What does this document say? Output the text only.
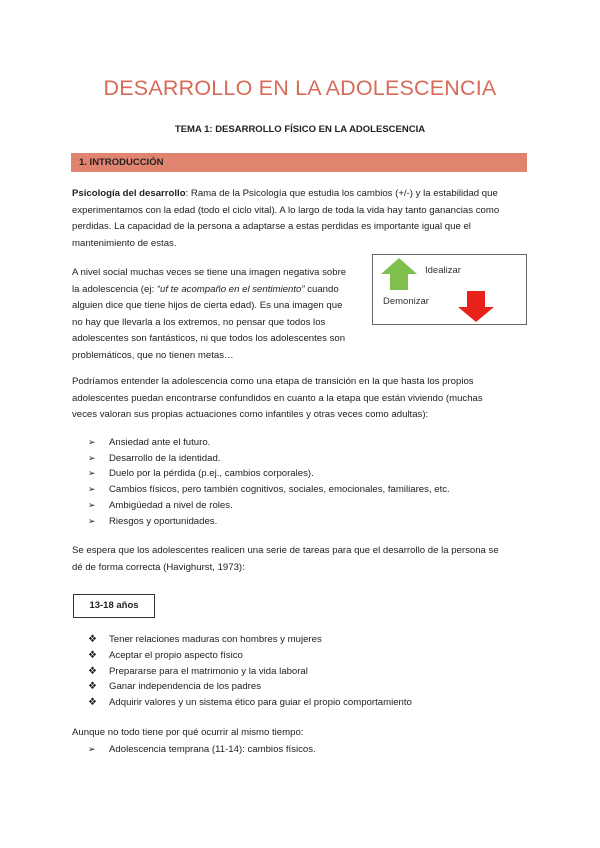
DESARROLLO EN LA ADOLESCENCIA
TEMA 1: DESARROLLO FÍSICO EN LA ADOLESCENCIA
1. INTRODUCCIÓN
Psicología del desarrollo: Rama de la Psicología que estudia los cambios (+/-) y la estabilidad que
experimentamos con la edad (todo el ciclo vital). A lo largo de toda la vida hay tanto ganancias como
perdidas. La capacidad de la persona a adaptarse a estas perdidas es importante igual que el
mantenimiento de estas.
A nivel social muchas veces se tiene una imagen negativa sobre
la adolescencia (ej: “uf te acompaño en el sentimiento” cuando
alguien dice que tiene hijos de cierta edad). Es una imagen que
no hay que llevarla a los extremos, no pensar que todos los
adolescentes son fantásticos, ni que todos los adolescentes son
problemáticos, que no tienen metas…
Idealizar
Demonizar
Podríamos entender la adolescencia como una etapa de transición en la que hasta los propios
adolescentes puedan encontrarse confundidos en cuanto a la etapa que están viviendo (muchas
veces valoran sus propias actuaciones como infantiles y otras veces como adultas):
➢ Ansiedad ante el futuro.
➢ Desarrollo de la identidad.
➢ Duelo por la pérdida (p.ej., cambios corporales).
➢ Cambios físicos, pero también cognitivos, sociales, emocionales, familiares, etc.
➢ Ambigüedad a nivel de roles.
➢ Riesgos y oportunidades.
Se espera que los adolescentes realicen una serie de tareas para que el desarrollo de la persona se
dé de forma correcta (Havighurst, 1973):
13-18 años
❖ Tener relaciones maduras con hombres y mujeres
❖ Aceptar el propio aspecto físico
❖ Prepararse para el matrimonio y la vida laboral
❖ Ganar independencia de los padres
❖ Adquirir valores y un sistema ético para guiar el propio comportamiento
Aunque no todo tiene por qué ocurrir al mismo tiempo:
➢ Adolescencia temprana (11-14): cambios físicos.
